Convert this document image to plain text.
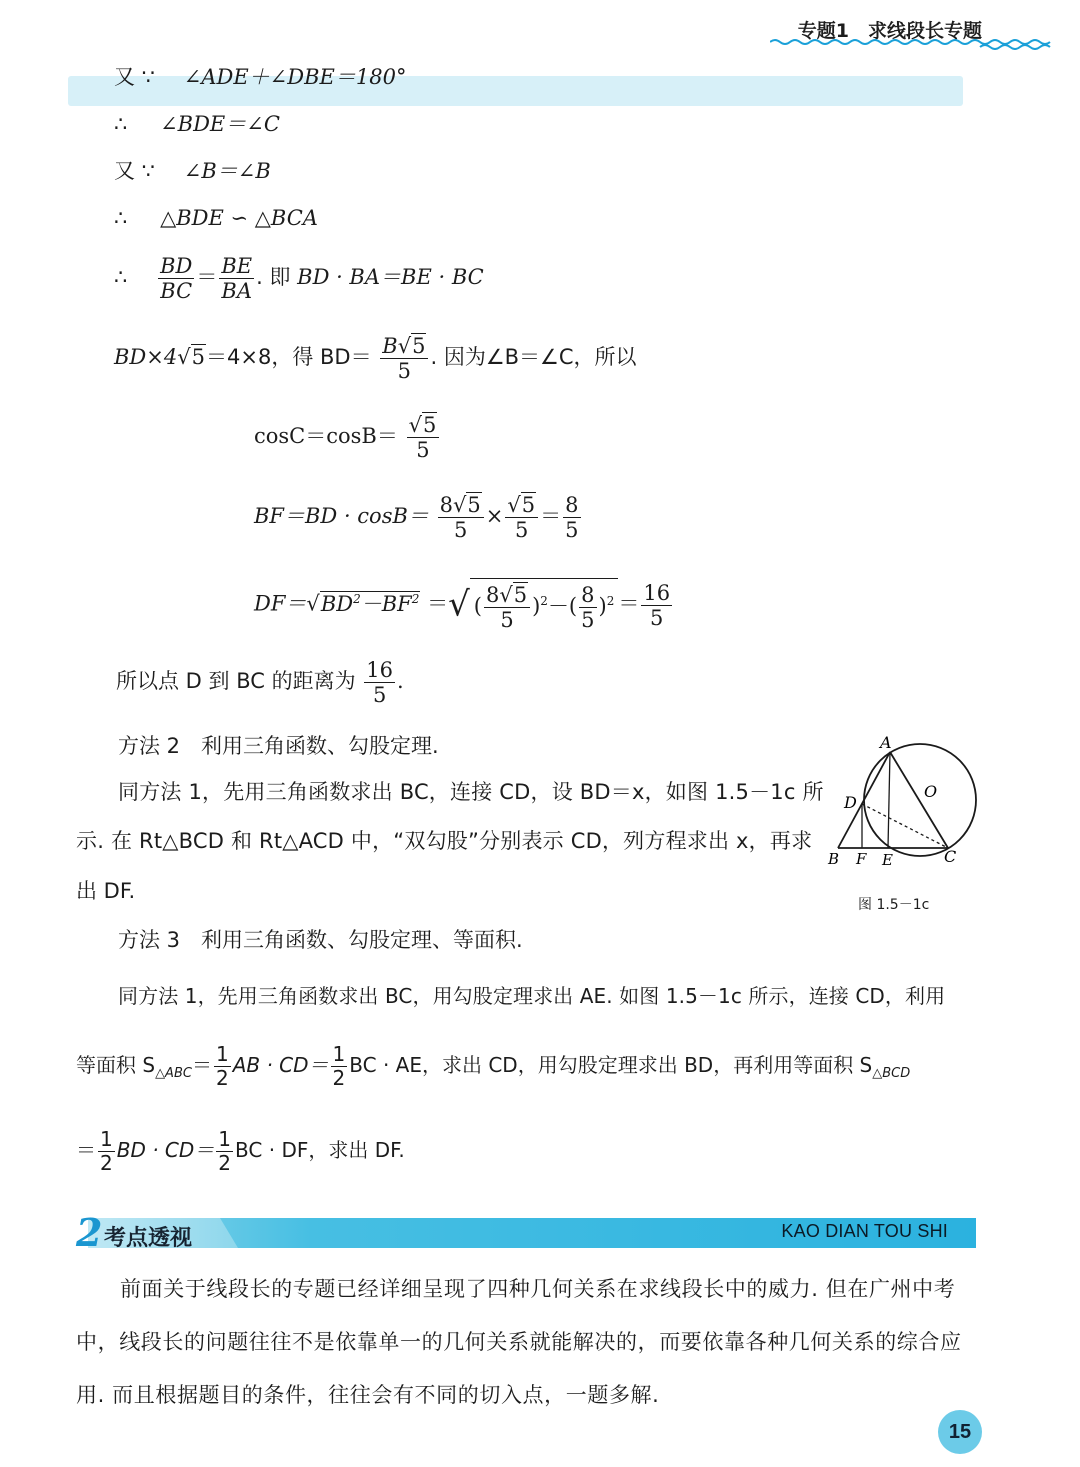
专题1　求线段长专题
又 ∵ ∠ADE＋∠DBE＝180°
∴ ∠BDE＝∠C
又 ∵ ∠B＝∠B
∴ △BDE ∽ △BCA
∴ $\frac{BD}{BC} = \frac{BE}{BA}$ . 即 BD · BA＝BE · BC
BD×4√5＝4×8，得 $BD= \frac{B√5}{5}$ . 因为∠B＝∠C，所以
$\cos C=\cos B= \frac{√5}{5}$
$BF=BD \cdot \cos B= \frac{8√5}{5} \times \frac{√5}{5} = \frac{8}{5}$
$DF=√BD^2-BF^2$ ＝√ ( $\frac{8√5}{5} )^2-( \frac{8}{5} )^2 = \frac{16}{5}$
所以点 D 到 BC 的距离为 $\frac{16}{5}$ .
方法 2　利用三角函数、勾股定理.
同方法 1，先用三角函数求出 BC，连接 CD，设 BD＝x，如图 1.5－1c 所
示. 在 Rt△BCD 和 Rt△ACD 中，“双勾股”分别表示 CD，列方程求出 x，再求
出 DF.
A
D
O
B F E	C
图 1.5－1c
方法 3　利用三角函数、勾股定理、等面积.
同方法 1，先用三角函数求出 BC，用勾股定理求出 AE. 如图 1.5－1c 所示，连接 CD，利用
等面积 $S_{\triangle ABC}= \frac{1}{2}$ AB · $CD= \frac{1}{2}$ BC · AE，求出 CD，用勾股定理求出 BD，再利用等面积 $S_{\triangle BCD}$
＝ $\frac{1}{2}$ BD · $CD= \frac{1}{2}$ BC · DF，求出 DF.
2 考点透视	KAO DIAN TOU SHI
前面关于线段长的专题已经详细呈现了四种几何关系在求线段长中的威力. 但在广州中考中，线段长的问题往往不是依靠单一的几何关系就能解决的，而要依靠各种几何关系的综合应用. 而且根据题目的条件，往往会有不同的切入点，一题多解.
15
